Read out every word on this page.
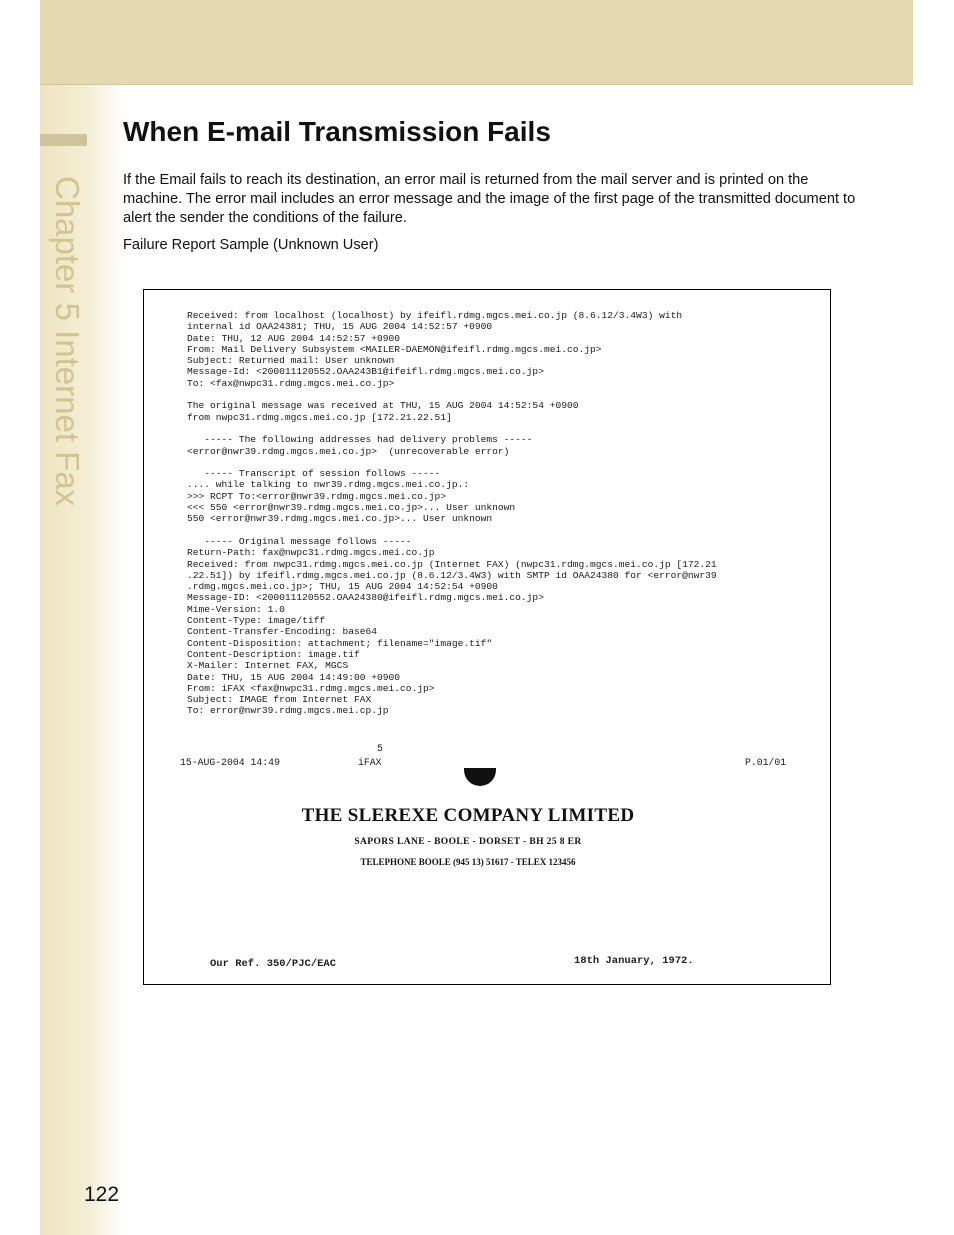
Chapter 5 Internet Fax
When E-mail Transmission Fails

If the Email fails to reach its destination, an error mail is returned from the mail server and is printed on the machine. The error mail includes an error message and the image of the first page of the transmitted document to alert the sender the conditions of the failure.

Failure Report Sample (Unknown User)

Received: from localhost (localhost) by ifeifl.rdmg.mgcs.mei.co.jp (8.6.12/3.4W3) with
internal id OAA24381; THU, 15 AUG 2004 14:52:57 +0900
Date: THU, 12 AUG 2004 14:52:57 +0900
From: Mail Delivery Subsystem <MAILER-DAEMON@ifeifl.rdmg.mgcs.mei.co.jp>
Subject: Returned mail: User unknown
Message-Id: <200011120552.OAA243B1@ifeifl.rdmg.mgcs.mei.co.jp>
To: <fax@nwpc31.rdmg.mgcs.mei.co.jp>
The original message was received at THU, 15 AUG 2004 14:52:54 +0900
from nwpc31.rdmg.mgcs.mei.co.jp [172.21.22.51]
----- The following addresses had delivery problems -----
<error@nwr39.rdmg.mgcs.mei.co.jp>  (unrecoverable error)
----- Transcript of session follows -----
.... while talking to nwr39.rdmg.mgcs.mei.co.jp.:
>>> RCPT To:<error@nwr39.rdmg.mgcs.mei.co.jp>
<<< 550 <error@nwr39.rdmg.mgcs.mei.co.jp>... User unknown
550 <error@nwr39.rdmg.mgcs.mei.co.jp>... User unknown
----- Original message follows -----
Return-Path: fax@nwpc31.rdmg.mgcs.mei.co.jp
Received: from nwpc31.rdmg.mgcs.mei.co.jp (Internet FAX) (nwpc31.rdmg.mgcs.mei.co.jp [172.21
.22.51]) by ifeifl.rdmg.mgcs.mei.co.jp (8.6.12/3.4W3) with SMTP id OAA24380 for <error@nwr39
.rdmg.mgcs.mei.co.jp>; THU, 15 AUG 2004 14:52:54 +0900
Message-ID: <200011120552.OAA24380@ifeifl.rdmg.mgcs.mei.co.jp>
Mime-Version: 1.0
Content-Type: image/tiff
Content-Transfer-Encoding: base64
Content-Disposition: attachment; filename="image.tif"
Content-Description: image.tif
X-Mailer: Internet FAX, MGCS
Date: THU, 15 AUG 2004 14:49:00 +0900
From: iFAX <fax@nwpc31.rdmg.mgcs.mei.co.jp>
Subject: IMAGE from Internet FAX
To: error@nwr39.rdmg.mgcs.mei.cp.jp
5
15-AUG-2004 14:49	iFAX	P.01/01
THE SLEREXE COMPANY LIMITED
SAPORS LANE - BOOLE - DORSET - BH 25 8 ER
TELEPHONE BOOLE (945 13) 51617 - TELEX 123456
Our Ref. 350/PJC/EAC	18th January, 1972.
122
